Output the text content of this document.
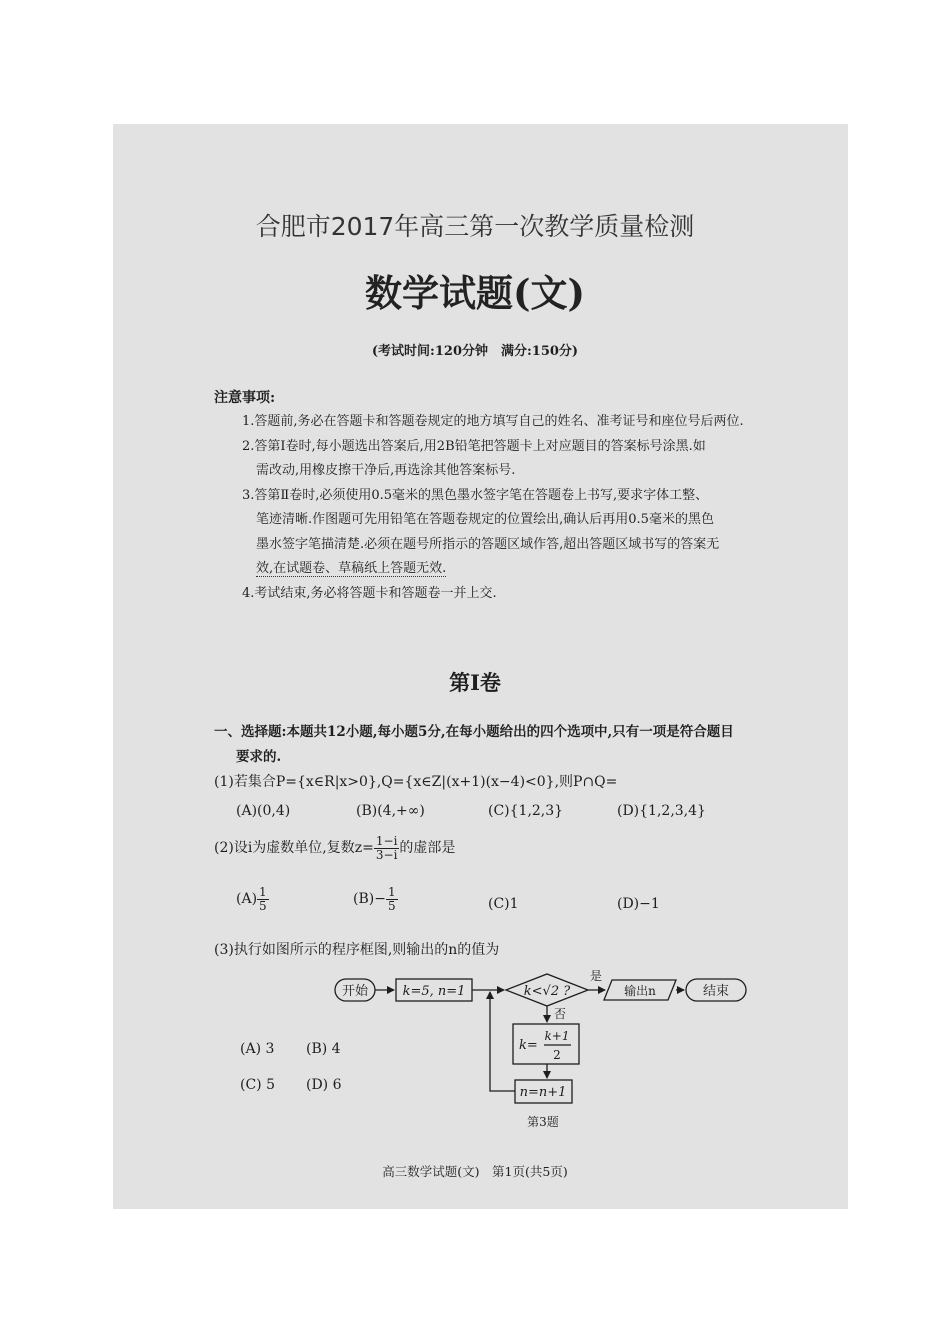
合肥市2017年高三第一次教学质量检测
数学试题(文)
(考试时间:120分钟　满分:150分)
注意事项:
1.答题前,务必在答题卡和答题卷规定的地方填写自己的姓名、准考证号和座位号后两位.
2.答第Ⅰ卷时,每小题选出答案后,用2B铅笔把答题卡上对应题目的答案标号涂黑.如
需改动,用橡皮擦干净后,再选涂其他答案标号.
3.答第Ⅱ卷时,必须使用0.5毫米的黑色墨水签字笔在答题卷上书写,要求字体工整、
笔迹清晰.作图题可先用铅笔在答题卷规定的位置绘出,确认后再用0.5毫米的黑色
墨水签字笔描清楚.必须在题号所指示的答题区域作答,超出答题区域书写的答案无
效,在试题卷、草稿纸上答题无效.
4.考试结束,务必将答题卡和答题卷一并上交.
第Ⅰ卷
一、选择题:本题共12小题,每小题5分,在每小题给出的四个选项中,只有一项是符合题目
要求的.
(1)若集合P={x∈R|x>0},Q={x∈Z|(x+1)(x−4)<0},则P∩Q=
(A)(0,4)	(B)(4,+∞)	(C){1,2,3}	(D){1,2,3,4}
(2)设i为虚数单位,复数$z= \frac{1-i}{3-i}$ 的虚部是
$(A) \frac{1}{5}$	$(B)- \frac{1}{5}$	(C)1	(D)−1
(3)执行如图所示的程序框图,则输出的n的值为
(A) 3 (B) 4
(C) 5 (D) 6
开始	k=5, n=1	k<√2 ?
是
否
输出n	结束
k=
k+1
2
n=n+1
第3题
高三数学试题(文)　第1页(共5页)
